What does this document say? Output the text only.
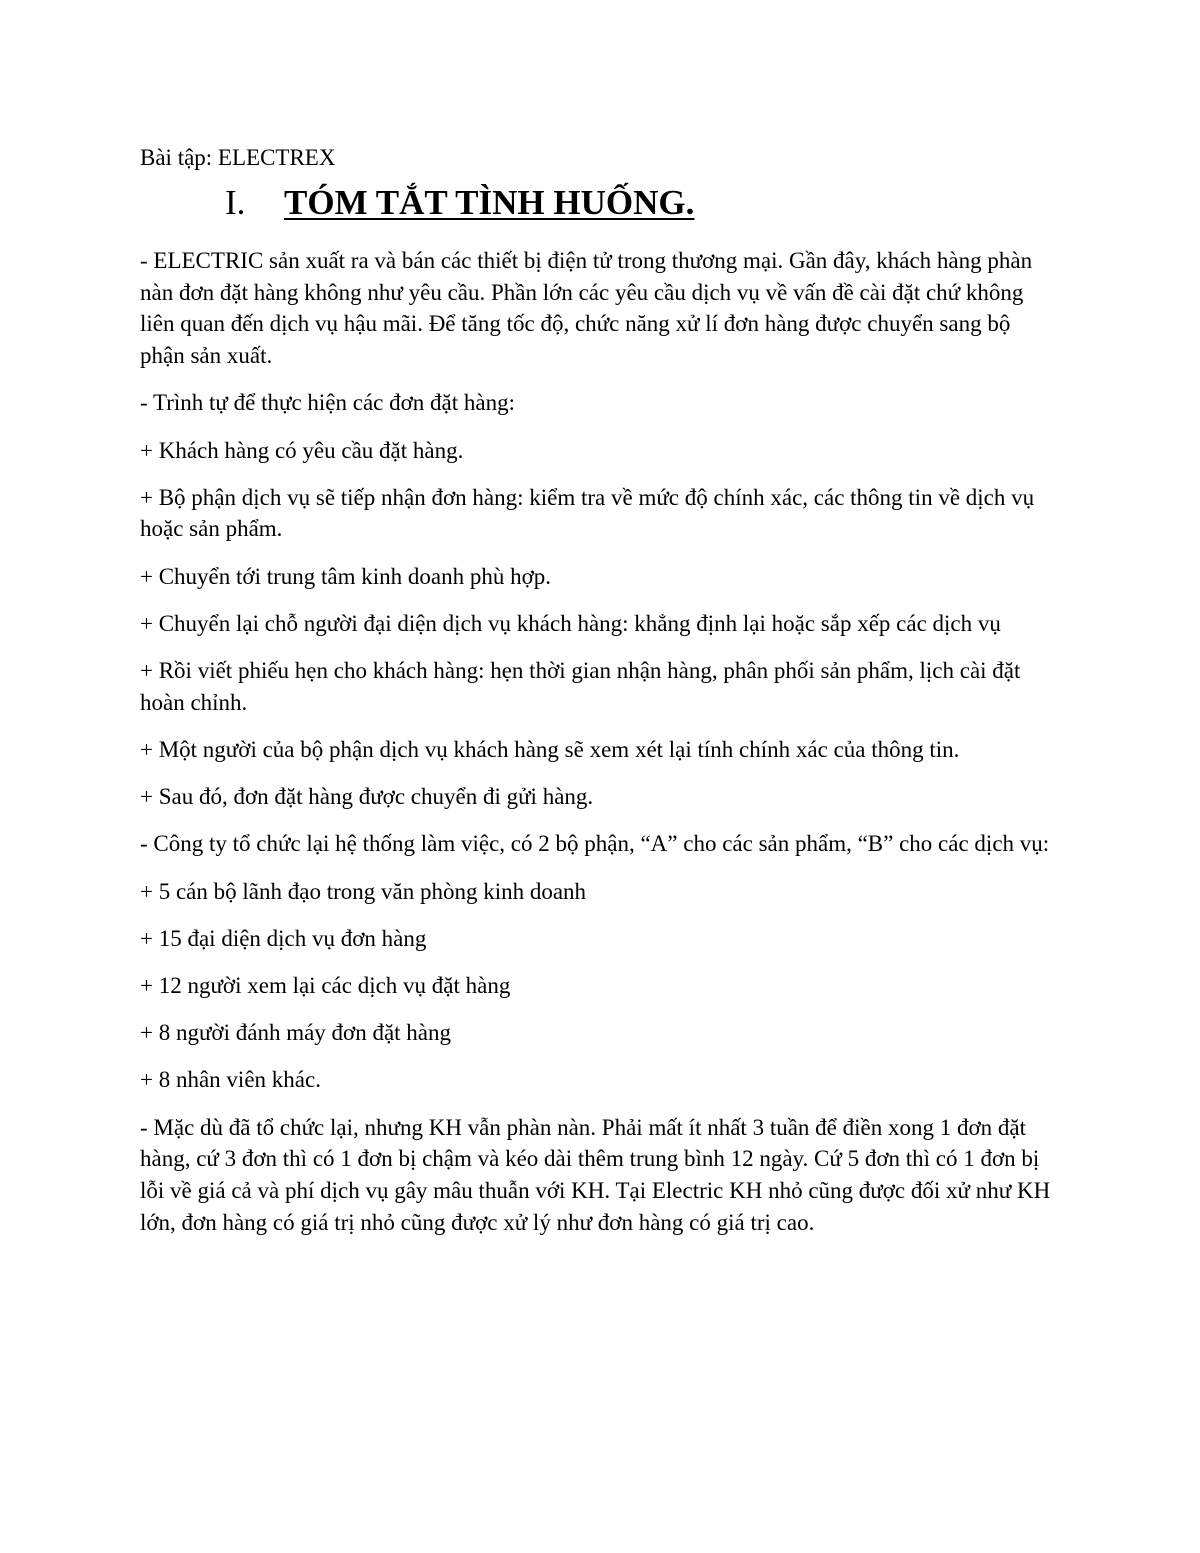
Bài tập: ELECTREX
I.	TÓM TẮT TÌNH HUỐNG.

- ELECTRIC sản xuất ra và bán các thiết bị điện tử trong thương mại. Gần đây, khách hàng phàn nàn đơn đặt hàng không như yêu cầu. Phần lớn các yêu cầu dịch vụ về vấn đề cài đặt chứ không liên quan đến dịch vụ hậu mãi. Để tăng tốc độ, chức năng xử lí đơn hàng được chuyển sang bộ phận sản xuất.

- Trình tự để thực hiện các đơn đặt hàng:

+ Khách hàng có yêu cầu đặt hàng.

+ Bộ phận dịch vụ sẽ tiếp nhận đơn hàng: kiểm tra về mức độ chính xác, các thông tin về dịch vụ hoặc sản phẩm.

+ Chuyển tới trung tâm kinh doanh phù hợp.

+ Chuyển lại chỗ người đại diện dịch vụ khách hàng: khẳng định lại hoặc sắp xếp các dịch vụ

+ Rồi viết phiếu hẹn cho khách hàng: hẹn thời gian nhận hàng, phân phối sản phẩm, lịch cài đặt hoàn chỉnh.

+ Một người của bộ phận dịch vụ khách hàng sẽ xem xét lại tính chính xác của thông tin.

+ Sau đó, đơn đặt hàng được chuyển đi gửi hàng.

- Công ty tổ chức lại hệ thống làm việc, có 2 bộ phận, “A” cho các sản phẩm, “B” cho các dịch vụ:

+ 5 cán bộ lãnh đạo trong văn phòng kinh doanh

+ 15 đại diện dịch vụ đơn hàng

+ 12 người xem lại các dịch vụ đặt hàng

+ 8 người đánh máy đơn đặt hàng

+ 8 nhân viên khác.

- Mặc dù đã tổ chức lại, nhưng KH vẫn phàn nàn. Phải mất ít nhất 3 tuần để điền xong 1 đơn đặt hàng, cứ 3 đơn thì có 1 đơn bị chậm và kéo dài thêm trung bình 12 ngày. Cứ 5 đơn thì có 1 đơn bị lỗi về giá cả và phí dịch vụ gây mâu thuẫn với KH. Tại Electric KH nhỏ cũng được đối xử như KH lớn, đơn hàng có giá trị nhỏ cũng được xử lý như đơn hàng có giá trị cao.
